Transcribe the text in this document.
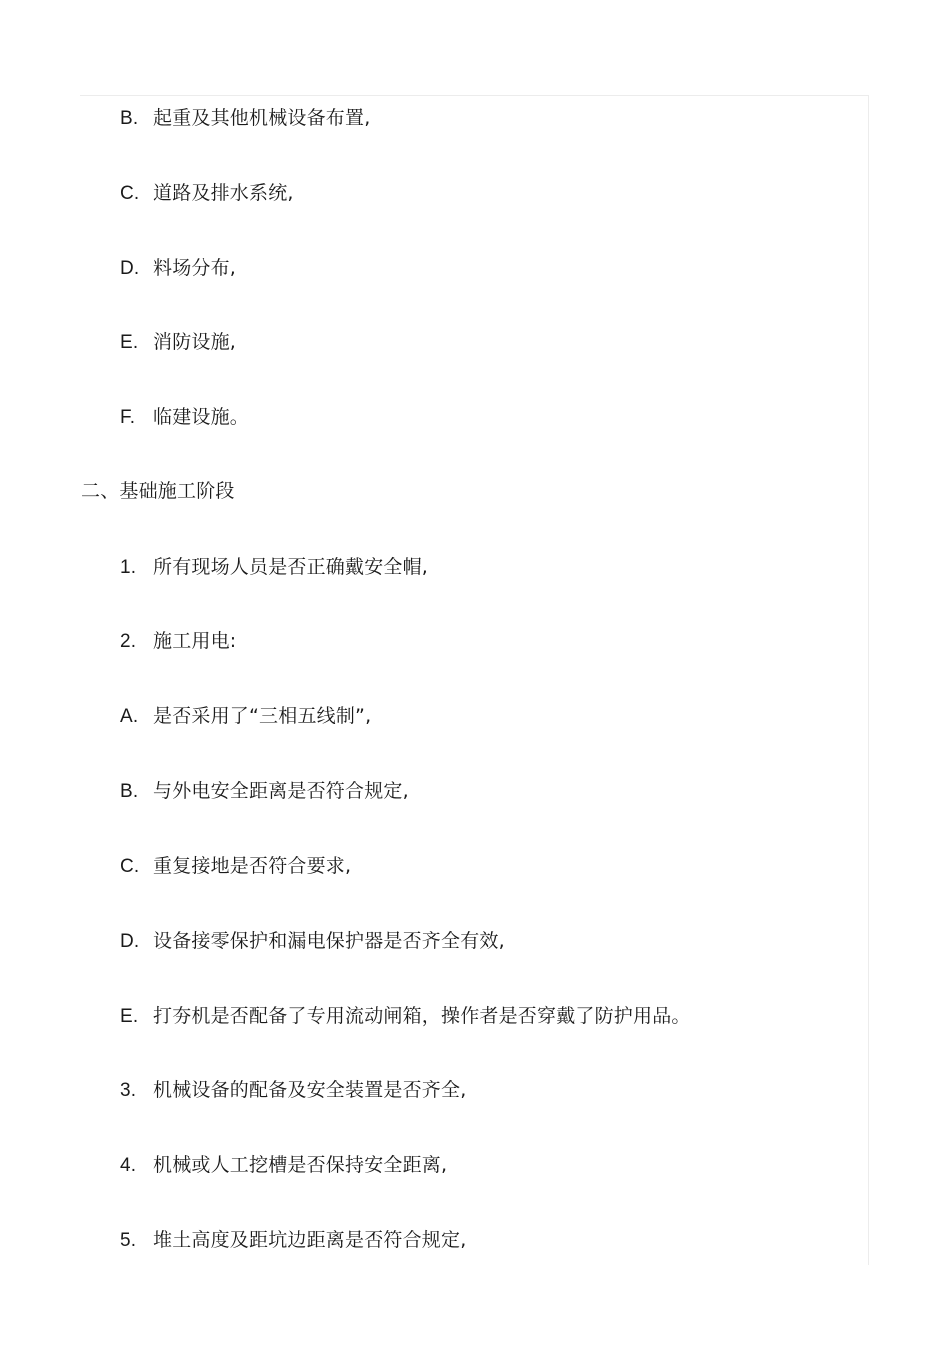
B. 起重及其他机械设备布置,
C. 道路及排水系统,
D. 料场分布,
E. 消防设施,
F. 临建设施。
二、基础施工阶段
1. 所有现场人员是否正确戴安全帽,
2. 施工用电:
A. 是否采用了“三相五线制”,
B. 与外电安全距离是否符合规定,
C. 重复接地是否符合要求,
D. 设备接零保护和漏电保护器是否齐全有效,
E. 打夯机是否配备了专用流动闸箱，操作者是否穿戴了防护用品。
3. 机械设备的配备及安全装置是否齐全,
4. 机械或人工挖槽是否保持安全距离,
5. 堆土高度及距坑边距离是否符合规定,
